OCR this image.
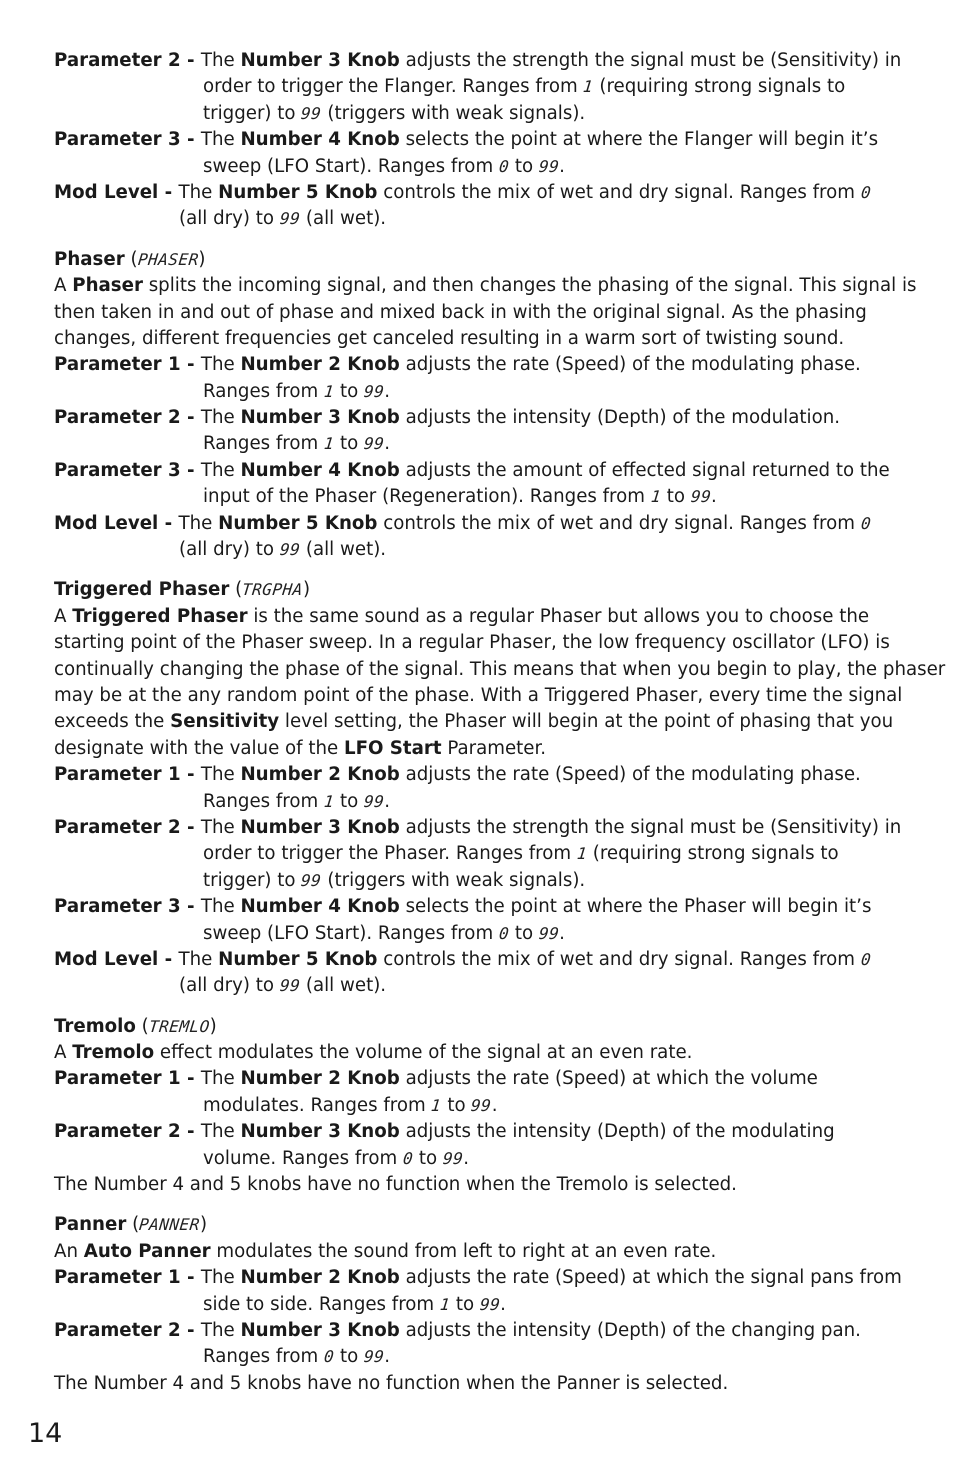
Parameter 2 - The Number 3 Knob adjusts the strength the signal must be (Sensitivity) in
order to trigger the Flanger. Ranges from 1 (requiring strong signals to
trigger) to 99 (triggers with weak signals).
Parameter 3 - The Number 4 Knob selects the point at where the Flanger will begin it’s
sweep (LFO Start). Ranges from 0 to 99.
Mod Level - The Number 5 Knob controls the mix of wet and dry signal. Ranges from 0
(all dry) to 99 (all wet).
Phaser (PHASER)
A Phaser splits the incoming signal, and then changes the phasing of the signal. This signal is
then taken in and out of phase and mixed back in with the original signal. As the phasing
changes, different frequencies get canceled resulting in a warm sort of twisting sound.
Parameter 1 - The Number 2 Knob adjusts the rate (Speed) of the modulating phase.
Ranges from 1 to 99.
Parameter 2 - The Number 3 Knob adjusts the intensity (Depth) of the modulation.
Ranges from 1 to 99.
Parameter 3 - The Number 4 Knob adjusts the amount of effected signal returned to the
input of the Phaser (Regeneration). Ranges from 1 to 99.
Mod Level - The Number 5 Knob controls the mix of wet and dry signal. Ranges from 0
(all dry) to 99 (all wet).
Triggered Phaser (TRGPHA)
A Triggered Phaser is the same sound as a regular Phaser but allows you to choose the
starting point of the Phaser sweep. In a regular Phaser, the low frequency oscillator (LFO) is
continually changing the phase of the signal. This means that when you begin to play, the phaser
may be at the any random point of the phase. With a Triggered Phaser, every time the signal
exceeds the Sensitivity level setting, the Phaser will begin at the point of phasing that you
designate with the value of the LFO Start Parameter.
Parameter 1 - The Number 2 Knob adjusts the rate (Speed) of the modulating phase.
Ranges from 1 to 99.
Parameter 2 - The Number 3 Knob adjusts the strength the signal must be (Sensitivity) in
order to trigger the Phaser. Ranges from 1 (requiring strong signals to
trigger) to 99 (triggers with weak signals).
Parameter 3 - The Number 4 Knob selects the point at where the Phaser will begin it’s
sweep (LFO Start). Ranges from 0 to 99.
Mod Level - The Number 5 Knob controls the mix of wet and dry signal. Ranges from 0
(all dry) to 99 (all wet).
Tremolo (TREMLO)
A Tremolo effect modulates the volume of the signal at an even rate.
Parameter 1 - The Number 2 Knob adjusts the rate (Speed) at which the volume
modulates. Ranges from 1 to 99.
Parameter 2 - The Number 3 Knob adjusts the intensity (Depth) of the modulating
volume. Ranges from 0 to 99.
The Number 4 and 5 knobs have no function when the Tremolo is selected.
Panner (PANNER)
An Auto Panner modulates the sound from left to right at an even rate.
Parameter 1 - The Number 2 Knob adjusts the rate (Speed) at which the signal pans from
side to side. Ranges from 1 to 99.
Parameter 2 - The Number 3 Knob adjusts the intensity (Depth) of the changing pan.
Ranges from 0 to 99.
The Number 4 and 5 knobs have no function when the Panner is selected.
14
